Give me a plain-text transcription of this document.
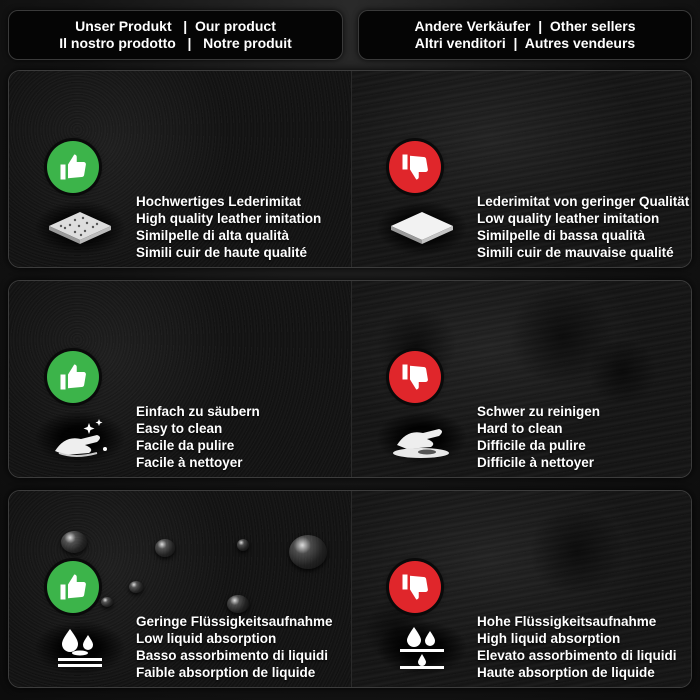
Unser Produkt   |  Our product
Il nostro prodotto   |   Notre produit
Andere Verkäufer  |  Other sellers
Altri venditori  |  Autres vendeurs
Hochwertiges Lederimitat
High quality leather imitation
Similpelle di alta qualità
Simili cuir de haute qualité
Lederimitat von geringer Qualität
Low quality leather imitation
Similpelle di bassa qualità
Simili cuir de mauvaise qualité
Einfach zu säubern
Easy to clean
Facile da pulire
Facile à nettoyer
Schwer zu reinigen
Hard to clean
Difficile da pulire
Difficile à nettoyer
Geringe Flüssigkeitsaufnahme
Low liquid absorption
Basso assorbimento di liquidi
Faible absorption de liquide
Hohe Flüssigkeitsaufnahme
High liquid absorption
Elevato assorbimento di liquidi
Haute absorption de liquide
